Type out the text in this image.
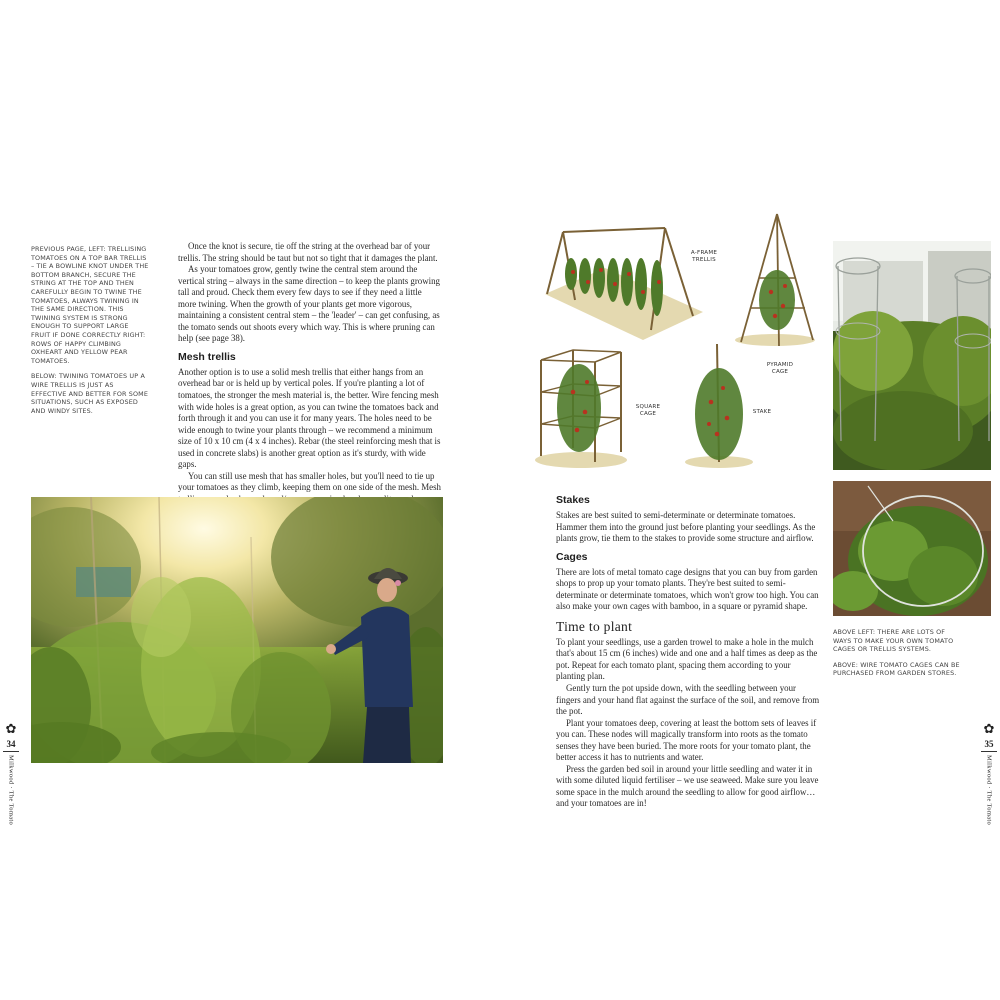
PREVIOUS PAGE, LEFT: TRELLISING TOMATOES ON A TOP BAR TRELLIS – TIE A BOWLINE KNOT UNDER THE BOTTOM BRANCH, SECURE THE STRING AT THE TOP AND THEN CAREFULLY BEGIN TO TWINE THE TOMATOES, ALWAYS TWINING IN THE SAME DIRECTION. THIS TWINING SYSTEM IS STRONG ENOUGH TO SUPPORT LARGE FRUIT IF DONE CORRECTLY RIGHT: ROWS OF HAPPY CLIMBING OXHEART AND YELLOW PEAR TOMATOES.

BELOW: TWINING TOMATOES UP A WIRE TRELLIS IS JUST AS EFFECTIVE AND BETTER FOR SOME SITUATIONS, SUCH AS EXPOSED AND WINDY SITES.

Once the knot is secure, tie off the string at the overhead bar of your trellis. The string should be taut but not so tight that it damages the plant.

As your tomatoes grow, gently twine the central stem around the vertical string – always in the same direction – to keep the plants growing tall and proud. Check them every few days to see if they need a little more twining. When the growth of your plants get more vigorous, maintaining a consistent central stem – the 'leader' – can get confusing, as the tomato sends out shoots every which way. This is where pruning can help (see page 38).

Mesh trellis

Another option is to use a solid mesh trellis that either hangs from an overhead bar or is held up by vertical poles. If you're planting a lot of tomatoes, the stronger the mesh material is, the better. Wire fencing mesh with wide holes is a great option, as you can twine the tomatoes back and forth through it and you can use it for many years. The holes need to be wide enough to twine your plants through – we recommend a minimum size of 10 x 10 cm (4 x 4 inches). Rebar (the steel reinforcing mesh that is used in concrete slabs) is another great option as it's sturdy, with wide gaps.

You can still use mesh that has smaller holes, but you'll need to tie up your tomatoes as they climb, keeping them on one side of the mesh. Mesh

✿
34
Milkwood · The Tomato
A-FRAME
TRELLIS
PYRAMID
CAGE
SQUARE
CAGE	STAKE
Stakes

Stakes are best suited to semi-determinate or determinate tomatoes. Hammer them into the ground just before planting your seedlings. As the plants grow, tie them to the stakes to provide some structure and airflow.

Cages

There are lots of metal tomato cage designs that you can buy from garden shops to prop up your tomato plants. They're best suited to semi-determinate or determinate tomatoes, which won't grow too high. You can also make your own cages with bamboo, in a square or pyramid shape.

Time to plant

To plant your seedlings, use a garden trowel to make a hole in the mulch that's about 15 cm (6 inches) wide and one and a half times as deep as the pot. Repeat for each tomato plant, spacing them according to your planting plan.

Gently turn the pot upside down, with the seedling between your fingers and your hand flat against the surface of the soil, and remove from the pot.

Plant your tomatoes deep, covering at least the bottom sets of leaves if you can. These nodes will magically transform into roots as the tomato senses they have been buried. The more roots for your tomato plant, the better access it has to nutrients and water.

Press the garden bed soil in around your little seedling and water it in with some diluted liquid fertiliser – we use seaweed. Make sure you leave some space in the mulch around the seedling to allow for good airflow… and your tomatoes are in!

ABOVE LEFT: THERE ARE LOTS OF WAYS TO MAKE YOUR OWN TOMATO CAGES OR TRELLIS SYSTEMS.

ABOVE: WIRE TOMATO CAGES CAN BE PURCHASED FROM GARDEN STORES.

✿
35
Milkwood · The Tomato
